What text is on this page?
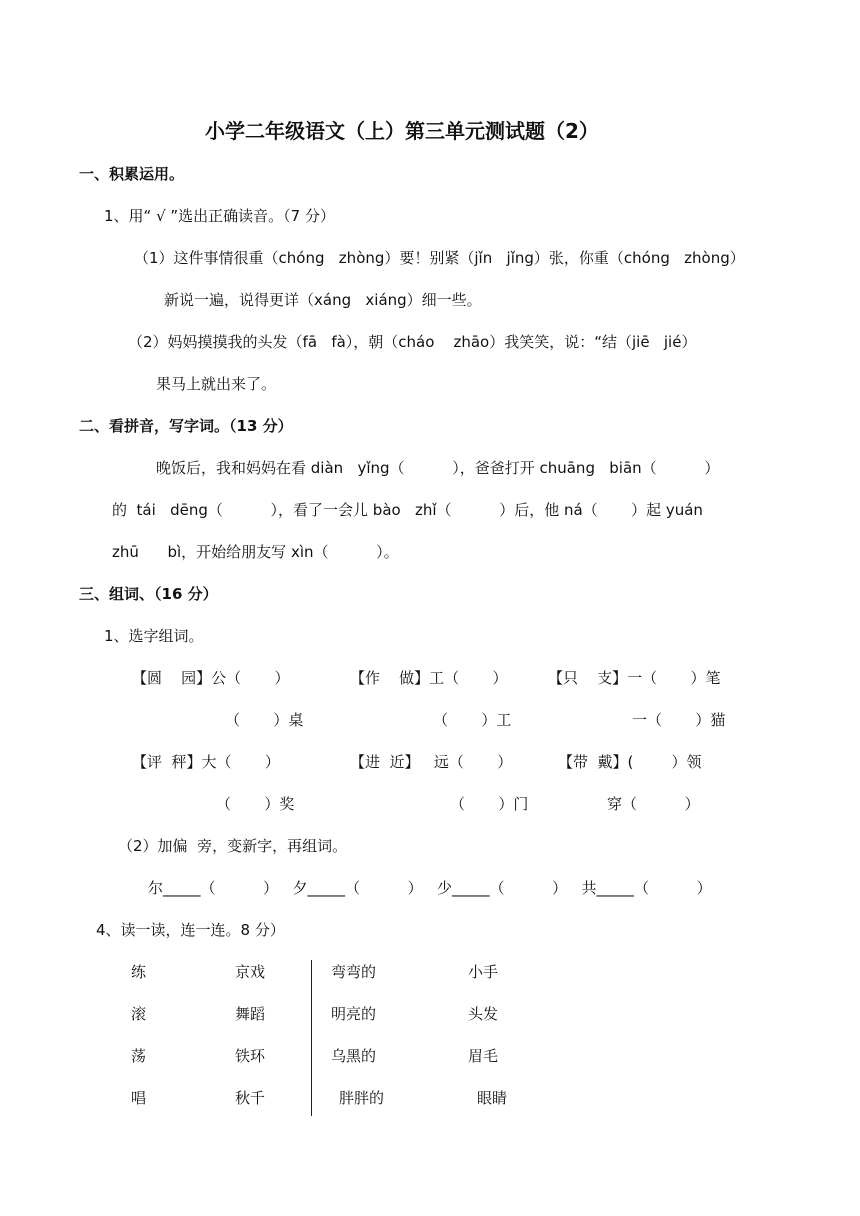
小学二年级语文（上）第三单元测试题（2）
一、积累运用。
1、用“ √ ”选出正确读音。（7 分）
（1）这件事情很重（chóng   zhòng）要！别紧（jǐn   jǐng）张，你重（chóng   zhòng）
新说一遍，说得更详（xáng   xiáng）细一些。
（2）妈妈摸摸我的头发（fā   fà），朝（cháo    zhāo）我笑笑，说：“结（jiē   jié）
果马上就出来了。
二、看拼音，写字词。（13 分）
晚饭后，我和妈妈在看 diàn   yǐng（          ），爸爸打开 chuāng   biān（          ）
的  tái   dēng（          ），看了一会儿 bào   zhǐ（          ）后，他 ná（       ）起 yuán
zhū      bì，开始给朋友写 xìn（          ）。
三、组词、（16 分）
1、选字组词。
【圆    园】公（       ）
（       ）桌
【作    做】工（       ）
（       ）工
【只    支】一（       ）笔
一（       ）猫
【评  秤】大（       ）
（       ）奖
【进  近】   远（       ）
（       ）门
【带  戴】(        ）领
穿（          ）
（2）加偏  旁，变新字，再组词。
尔_____（          ）   夕_____（          ）   少_____（          ）   共_____（          ）
4、读一读，连一连。8 分）
练
滚
荡
唱
京戏
舞蹈
铁环
秋千
弯弯的
明亮的
乌黑的
胖胖的
小手
头发
眉毛
眼睛
